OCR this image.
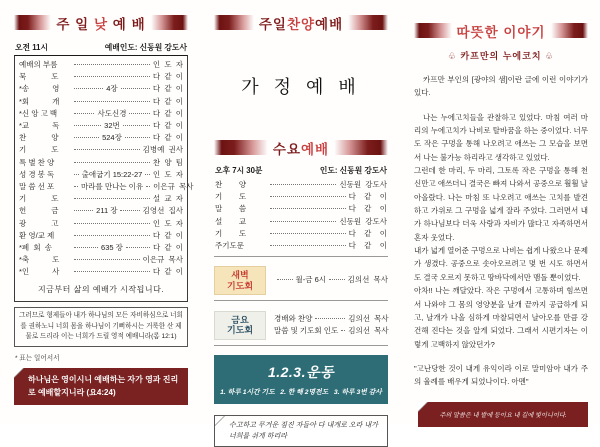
주 일 낮 예 배
오전 11시	예배인도: 신동원 강도사
예배의 부름	인  도  자
묵            도	다  같  이
*송           영	4장	다  같  이
*회           개	다  같  이
*신 앙 고 백	사도신경	다  같  이
*교           독	32번	다  같  이
찬            양	524장	다  같  이
기            도	김병예  권사
특 별 찬 양	찬  양  팀
성 경 봉 독	출애굽기 15:22-27 인  도  자
말 씀 선 포	마라를 만나는 이유 이은규  목사
기            도	설  교  자
헌            금	211 장	김영선  집사
광            고	인  도  자
환 영/교 제	다  같  이
*폐  회  송	635 장	다  같  이
*축           도	이은규  목사
*인           사	다  같  이
지금부터 삶의 예배가 시작됩니다.
그러므로 형제들아 내가 하나님의 모든 자비하심으로 너희를 권하노니 너희 몸을 하나님이 기뻐하시는 거룩한 산 제물로 드리라 이는 너희가 드릴 영적 예배니라(롬 12:1)
* 표는 일어서서
하나님은 영이시니 예배하는 자가 영과 진리로 예배할지니라 (요4:24)
주일찬양예배
가 정 예 배
수요예배
오후 7시 30분	인도: 신동원 강도사
찬        양	신동원  강도사
기        도	다    같    이
말        씀	다    같    이
설        교	신동원  강도사
기        도	다    같    이
주기도문	다    같    이
새벽
기도회
월-금 6시	김의선  목사
금요
기도회
경배와 찬양	김의선  목사
말씀 및 기도회 인도 김의선  목사
1.2.3.운동
1. 하루 1시간 기도   2. 한 해 2명전도   3. 하루 3번 감사
수고하고 무거운 짐진 자들아 다 내게로 오라 내가 너희를 쉬게 하리라
따뜻한 이야기
♧ 카프만의 누에코치 ♧

카프만 부인의 [광야의 샘]이란 글에 이런 이야기가 있다.

나는 누에고치들을 관찰하고 있었다. 마침 여러 마리의 누에고치가 나비로 탈바꿈을 하는 중이었다. 너무도 작은 구멍을 통해 나오려고 애쓰는 그 모습을 보면서 나는 불가능 하리라고 생각하고 있었다.

그런데 한 마리, 두 마리, 그토록 작은 구멍을 통해 천신만고 애쓰더니 결국은 빠져 나와서 공중으로 훨훨 날아올랐다. 나는 마침 또 나오려고 애쓰는 고치를 발견하고 가위로 그 구멍을 넓게 잘라 주었다. 그러면서 내가 하나님보다 더욱 사랑과 자비가 많다고 자족하면서 혼자 웃었다.

내가 넓게 열어준 구멍으로 나비는 쉽게 나왔으나 문제가 생겼다. 공중으로 솟아오르려고 몇 번 시도 하면서도 결국 오르지 못하고 땅바닥에서만 맴돌 뿐이었다.

아차!! 나는 깨달았다. 작은 구멍에서 고통하며 힘쓰면서 나와야 그 몸의 영양분을 날개 끝까지 공급하게 되고, 날개가 나올 심하게 마찰되면서 날아오를 만큼 강건해 진다는 것을 알게 되었다. 그래서 시편기자는 이렇게 고백하지 않았던가?

"고난당한 것이 내게 유익이라 이로 말미암아 내가 주의 율례를 배우게 되었나이다. 아멘"

주의 말씀은 내 발에 등이요 내 길에 빛이니이다.
